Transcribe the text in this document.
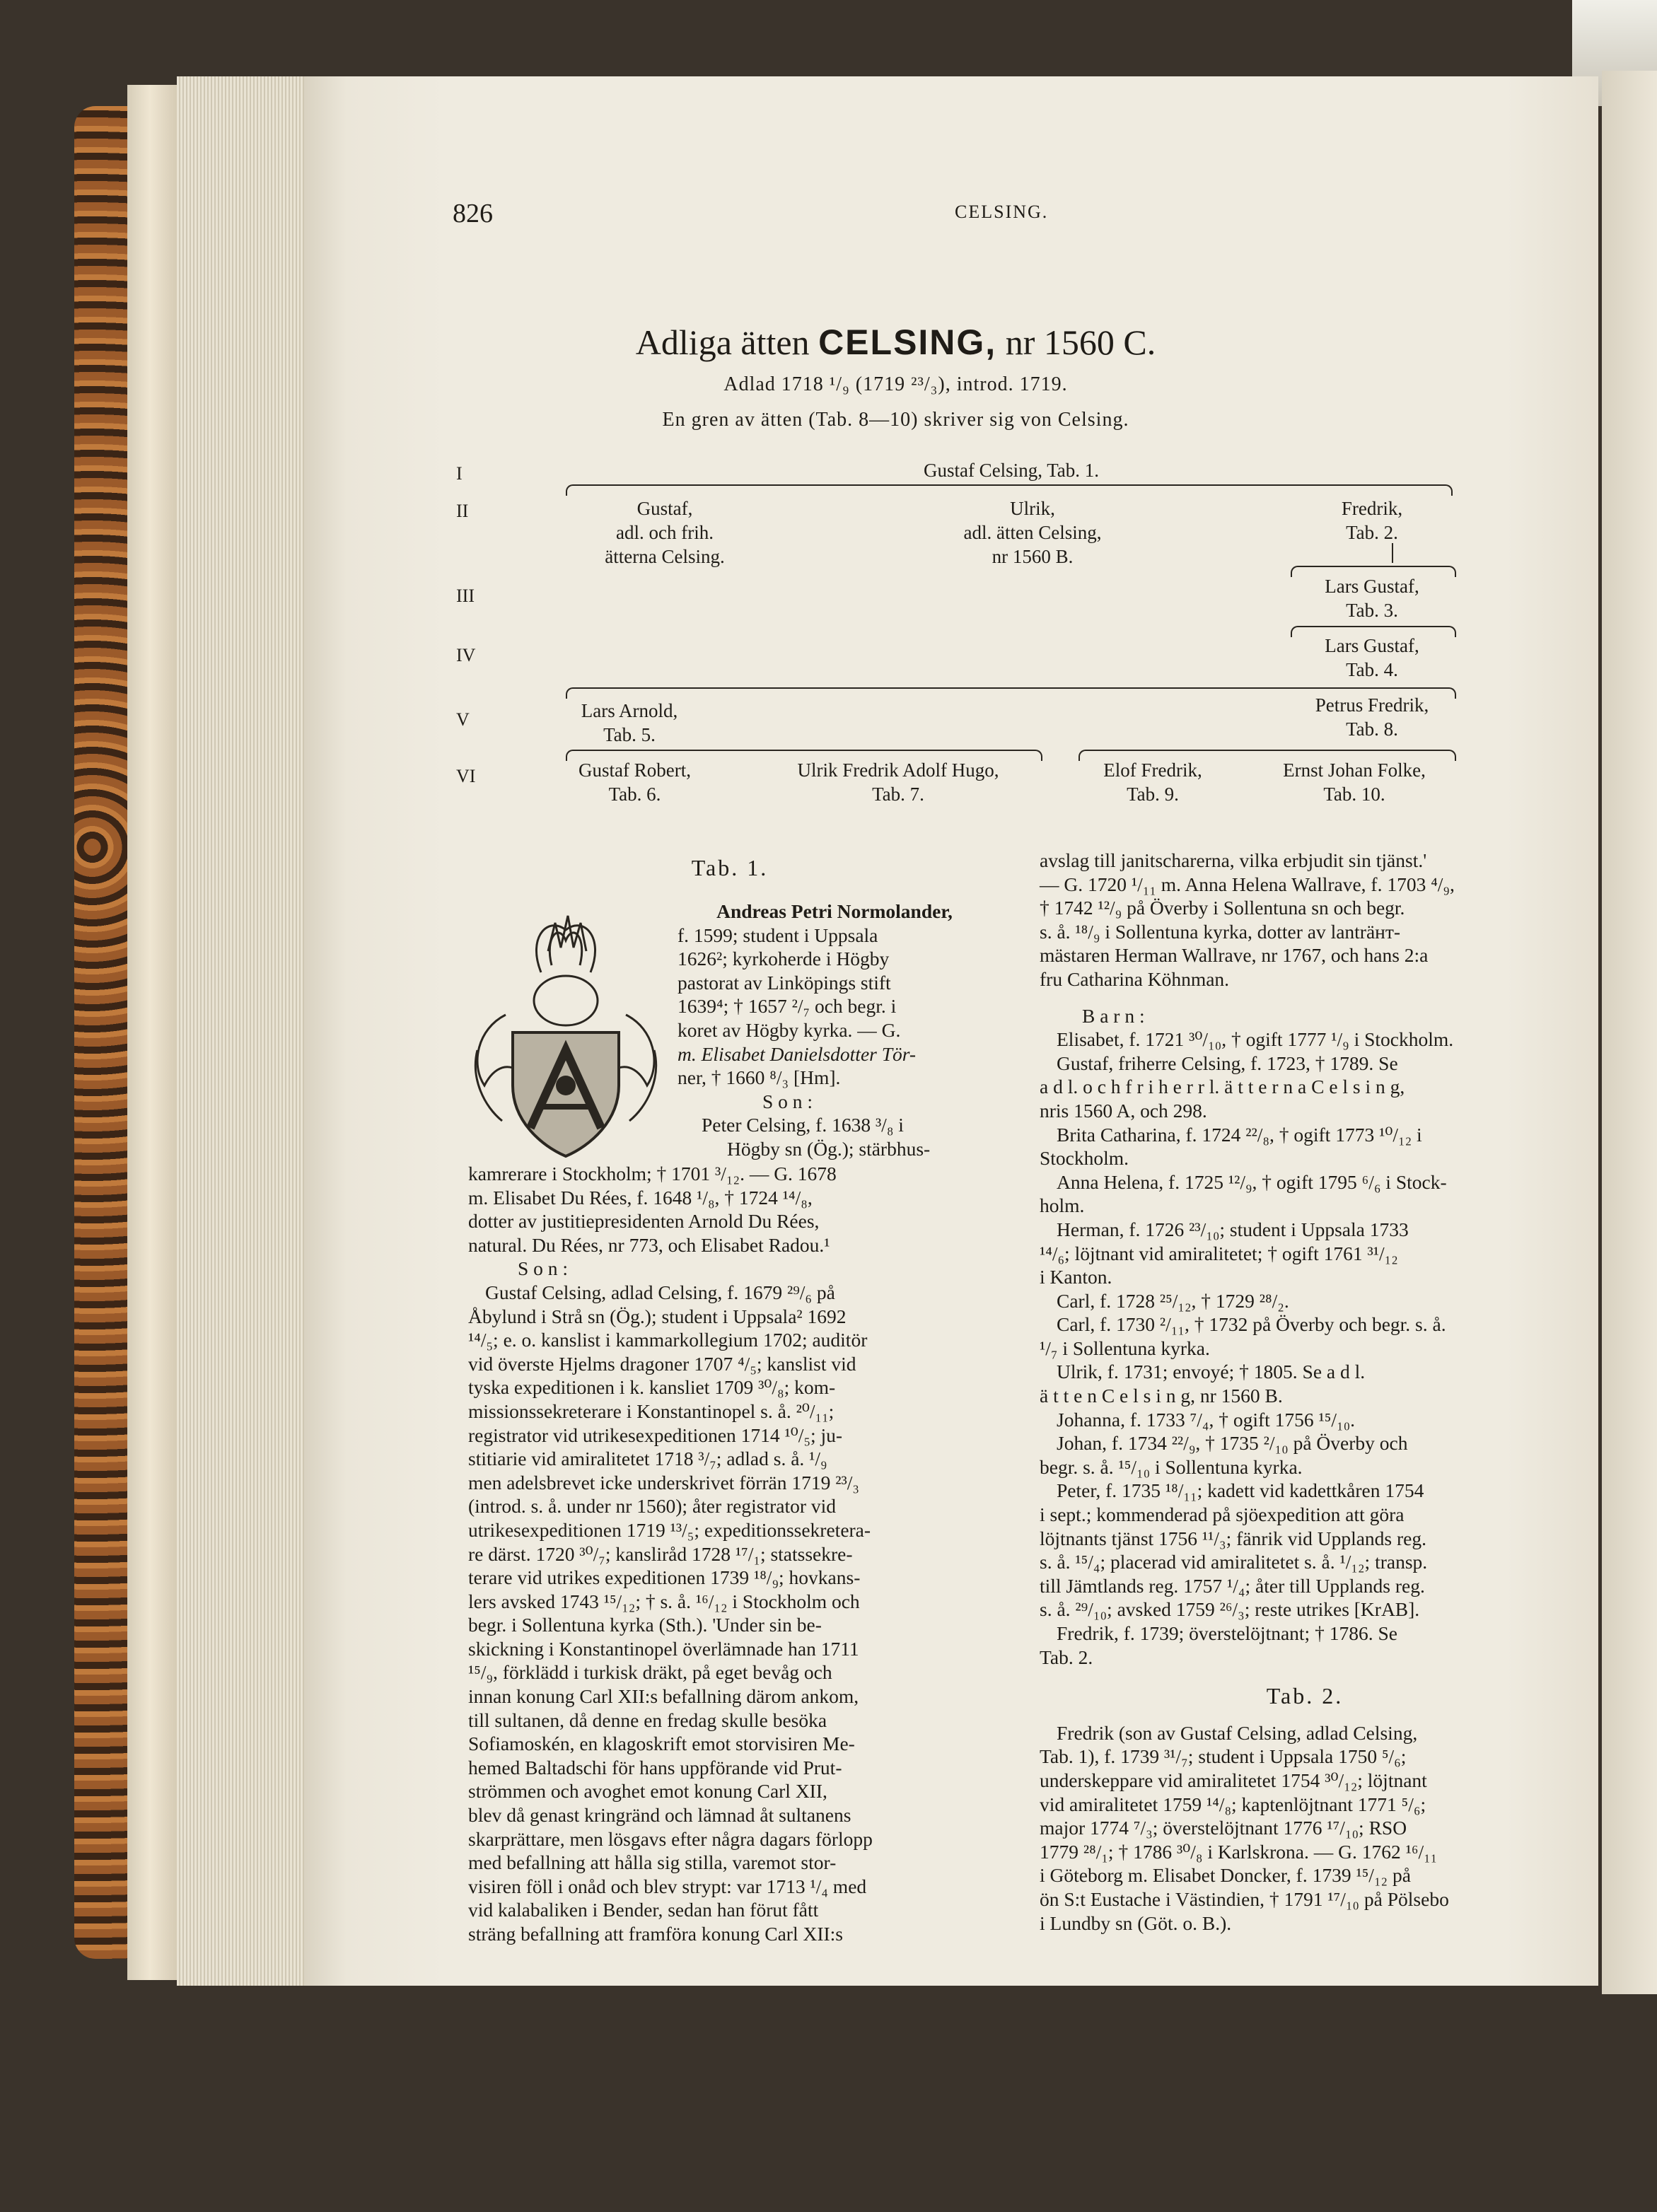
826	CELSING.
Adliga ätten CELSING, nr 1560 C.
Adlad 1718 ¹/₉ (1719 ²³/₃), introd. 1719.
En gren av ätten (Tab. 8—10) skriver sig von Celsing.
I
II
III
IV
V
VI
Gustaf Celsing, Tab. 1.
Gustaf,
adl. och frih.
ätterna Celsing.
Ulrik,
adl. ätten Celsing,
nr 1560 B.
Fredrik,
Tab. 2.
Lars Gustaf,
Tab. 3.
Lars Gustaf,
Tab. 4.
Lars Arnold,
Tab. 5.
Petrus Fredrik,
Tab. 8.
Gustaf Robert,
Tab. 6.
Ulrik Fredrik Adolf Hugo,
Tab. 7.
Elof Fredrik,
Tab. 9.
Ernst Johan Folke,
Tab. 10.
Tab. 1.

Andreas Petri Normolander,

f. 1599; student i Uppsala

1626²; kyrkoherde i Högby

pastorat av Linköpings stift

1639⁴; † 1657 ²/₇ och begr. i

koret av Högby kyrka. — G.

m. Elisabet Danielsdotter Tör-

ner, † 1660 ⁸/₃ [Hm].

S o n :

Peter Celsing, f. 1638 ³/₈ i

Högby sn (Ög.); stärbhus-

kamrerare i Stockholm; † 1701 ³/₁₂. — G. 1678

m. Elisabet Du Rées, f. 1648 ¹/₈, † 1724 ¹⁴/₈,

dotter av justitiepresidenten Arnold Du Rées,

natural. Du Rées, nr 773, och Elisabet Radou.¹

S o n :

Gustaf Celsing, adlad Celsing, f. 1679 ²⁹/₆ på

Åbylund i Strå sn (Ög.); student i Uppsala² 1692

¹⁴/₅; e. o. kanslist i kammarkollegium 1702; auditör

vid överste Hjelms dragoner 1707 ⁴/₅; kanslist vid

tyska expeditionen i k. kansliet 1709 ³⁰/₈; kom-

missionssekreterare i Konstantinopel s. å. ²⁰/₁₁;

registrator vid utrikesexpeditionen 1714 ¹⁰/₅; ju-

stitiarie vid amiralitetet 1718 ³/₇; adlad s. å. ¹/₉

men adelsbrevet icke underskrivet förrän 1719 ²³/₃

(introd. s. å. under nr 1560); åter registrator vid

utrikesexpeditionen 1719 ¹³/₅; expeditionssekretera-

re därst. 1720 ³⁰/₇; kansliråd 1728 ¹⁷/₁; statssekre-

terare vid utrikes expeditionen 1739 ¹⁸/₉; hovkans-

lers avsked 1743 ¹⁵/₁₂; † s. å. ¹⁶/₁₂ i Stockholm och

begr. i Sollentuna kyrka (Sth.). 'Under sin be-

skickning i Konstantinopel överlämnade han 1711

¹⁵/₉, förklädd i turkisk dräkt, på eget bevåg och

innan konung Carl XII:s befallning därom ankom,

till sultanen, då denne en fredag skulle besöka

Sofiamoskén, en klagoskrift emot storvisiren Me-

hemed Baltadschi för hans uppförande vid Prut-

strömmen och avoghet emot konung Carl XII,

blev då genast kringränd och lämnad åt sultanens

skarprättare, men lösgavs efter några dagars förlopp

med befallning att hålla sig stilla, varemot stor-

visiren föll i onåd och blev strypt: var 1713 ¹/₄ med

vid kalabaliken i Bender, sedan han förut fått

sträng befallning att framföra konung Carl XII:s

avslag till janitscharerna, vilka erbjudit sin tjänst.'

— G. 1720 ¹/₁₁ m. Anna Helena Wallrave, f. 1703 ⁴/₉,

† 1742 ¹²/₉ på Överby i Sollentuna sn och begr.

s. å. ¹⁸/₉ i Sollentuna kyrka, dotter av lanträнт-

mästaren Herman Wallrave, nr 1767, och hans 2:a

fru Catharina Köhnman.

B a r n :

Elisabet, f. 1721 ³⁰/₁₀, † ogift 1777 ¹/₉ i Stockholm.

Gustaf, friherre Celsing, f. 1723, † 1789. Se

a d l. o c h f r i h e r r l. ä t t e r n a C e l s i n g,

nris 1560 A, och 298.

Brita Catharina, f. 1724 ²²/₈, † ogift 1773 ¹⁰/₁₂ i

Stockholm.

Anna Helena, f. 1725 ¹²/₉, † ogift 1795 ⁶/₆ i Stock-

holm.

Herman, f. 1726 ²³/₁₀; student i Uppsala 1733

¹⁴/₆; löjtnant vid amiralitetet; † ogift 1761 ³¹/₁₂

i Kanton.

Carl, f. 1728 ²⁵/₁₂, † 1729 ²⁸/₂.

Carl, f. 1730 ²/₁₁, † 1732 på Överby och begr. s. å.

¹/₇ i Sollentuna kyrka.

Ulrik, f. 1731; envoyé; † 1805. Se a d l.

ä t t e n C e l s i n g, nr 1560 B.

Johanna, f. 1733 ⁷/₄, † ogift 1756 ¹⁵/₁₀.

Johan, f. 1734 ²²/₉, † 1735 ²/₁₀ på Överby och

begr. s. å. ¹⁵/₁₀ i Sollentuna kyrka.

Peter, f. 1735 ¹⁸/₁₁; kadett vid kadettkåren 1754

i sept.; kommenderad på sjöexpedition att göra

löjtnants tjänst 1756 ¹¹/₃; fänrik vid Upplands reg.

s. å. ¹⁵/₄; placerad vid amiralitetet s. å. ¹/₁₂; transp.

till Jämtlands reg. 1757 ¹/₄; åter till Upplands reg.

s. å. ²⁹/₁₀; avsked 1759 ²⁶/₃; reste utrikes [KrAB].

Fredrik, f. 1739; överstelöjtnant; † 1786. Se

Tab. 2.

Tab. 2.

Fredrik (son av Gustaf Celsing, adlad Celsing,

Tab. 1), f. 1739 ³¹/₇; student i Uppsala 1750 ⁵/₆;

underskeppare vid amiralitetet 1754 ³⁰/₁₂; löjtnant

vid amiralitetet 1759 ¹⁴/₈; kaptenlöjtnant 1771 ⁵/₆;

major 1774 ⁷/₃; överstelöjtnant 1776 ¹⁷/₁₀; RSO

1779 ²⁸/₁; † 1786 ³⁰/₈ i Karlskrona. — G. 1762 ¹⁶/₁₁

i Göteborg m. Elisabet Doncker, f. 1739 ¹⁵/₁₂ på

ön S:t Eustache i Västindien, † 1791 ¹⁷/₁₀ på Pölsebo

i Lundby sn (Göt. o. B.).
